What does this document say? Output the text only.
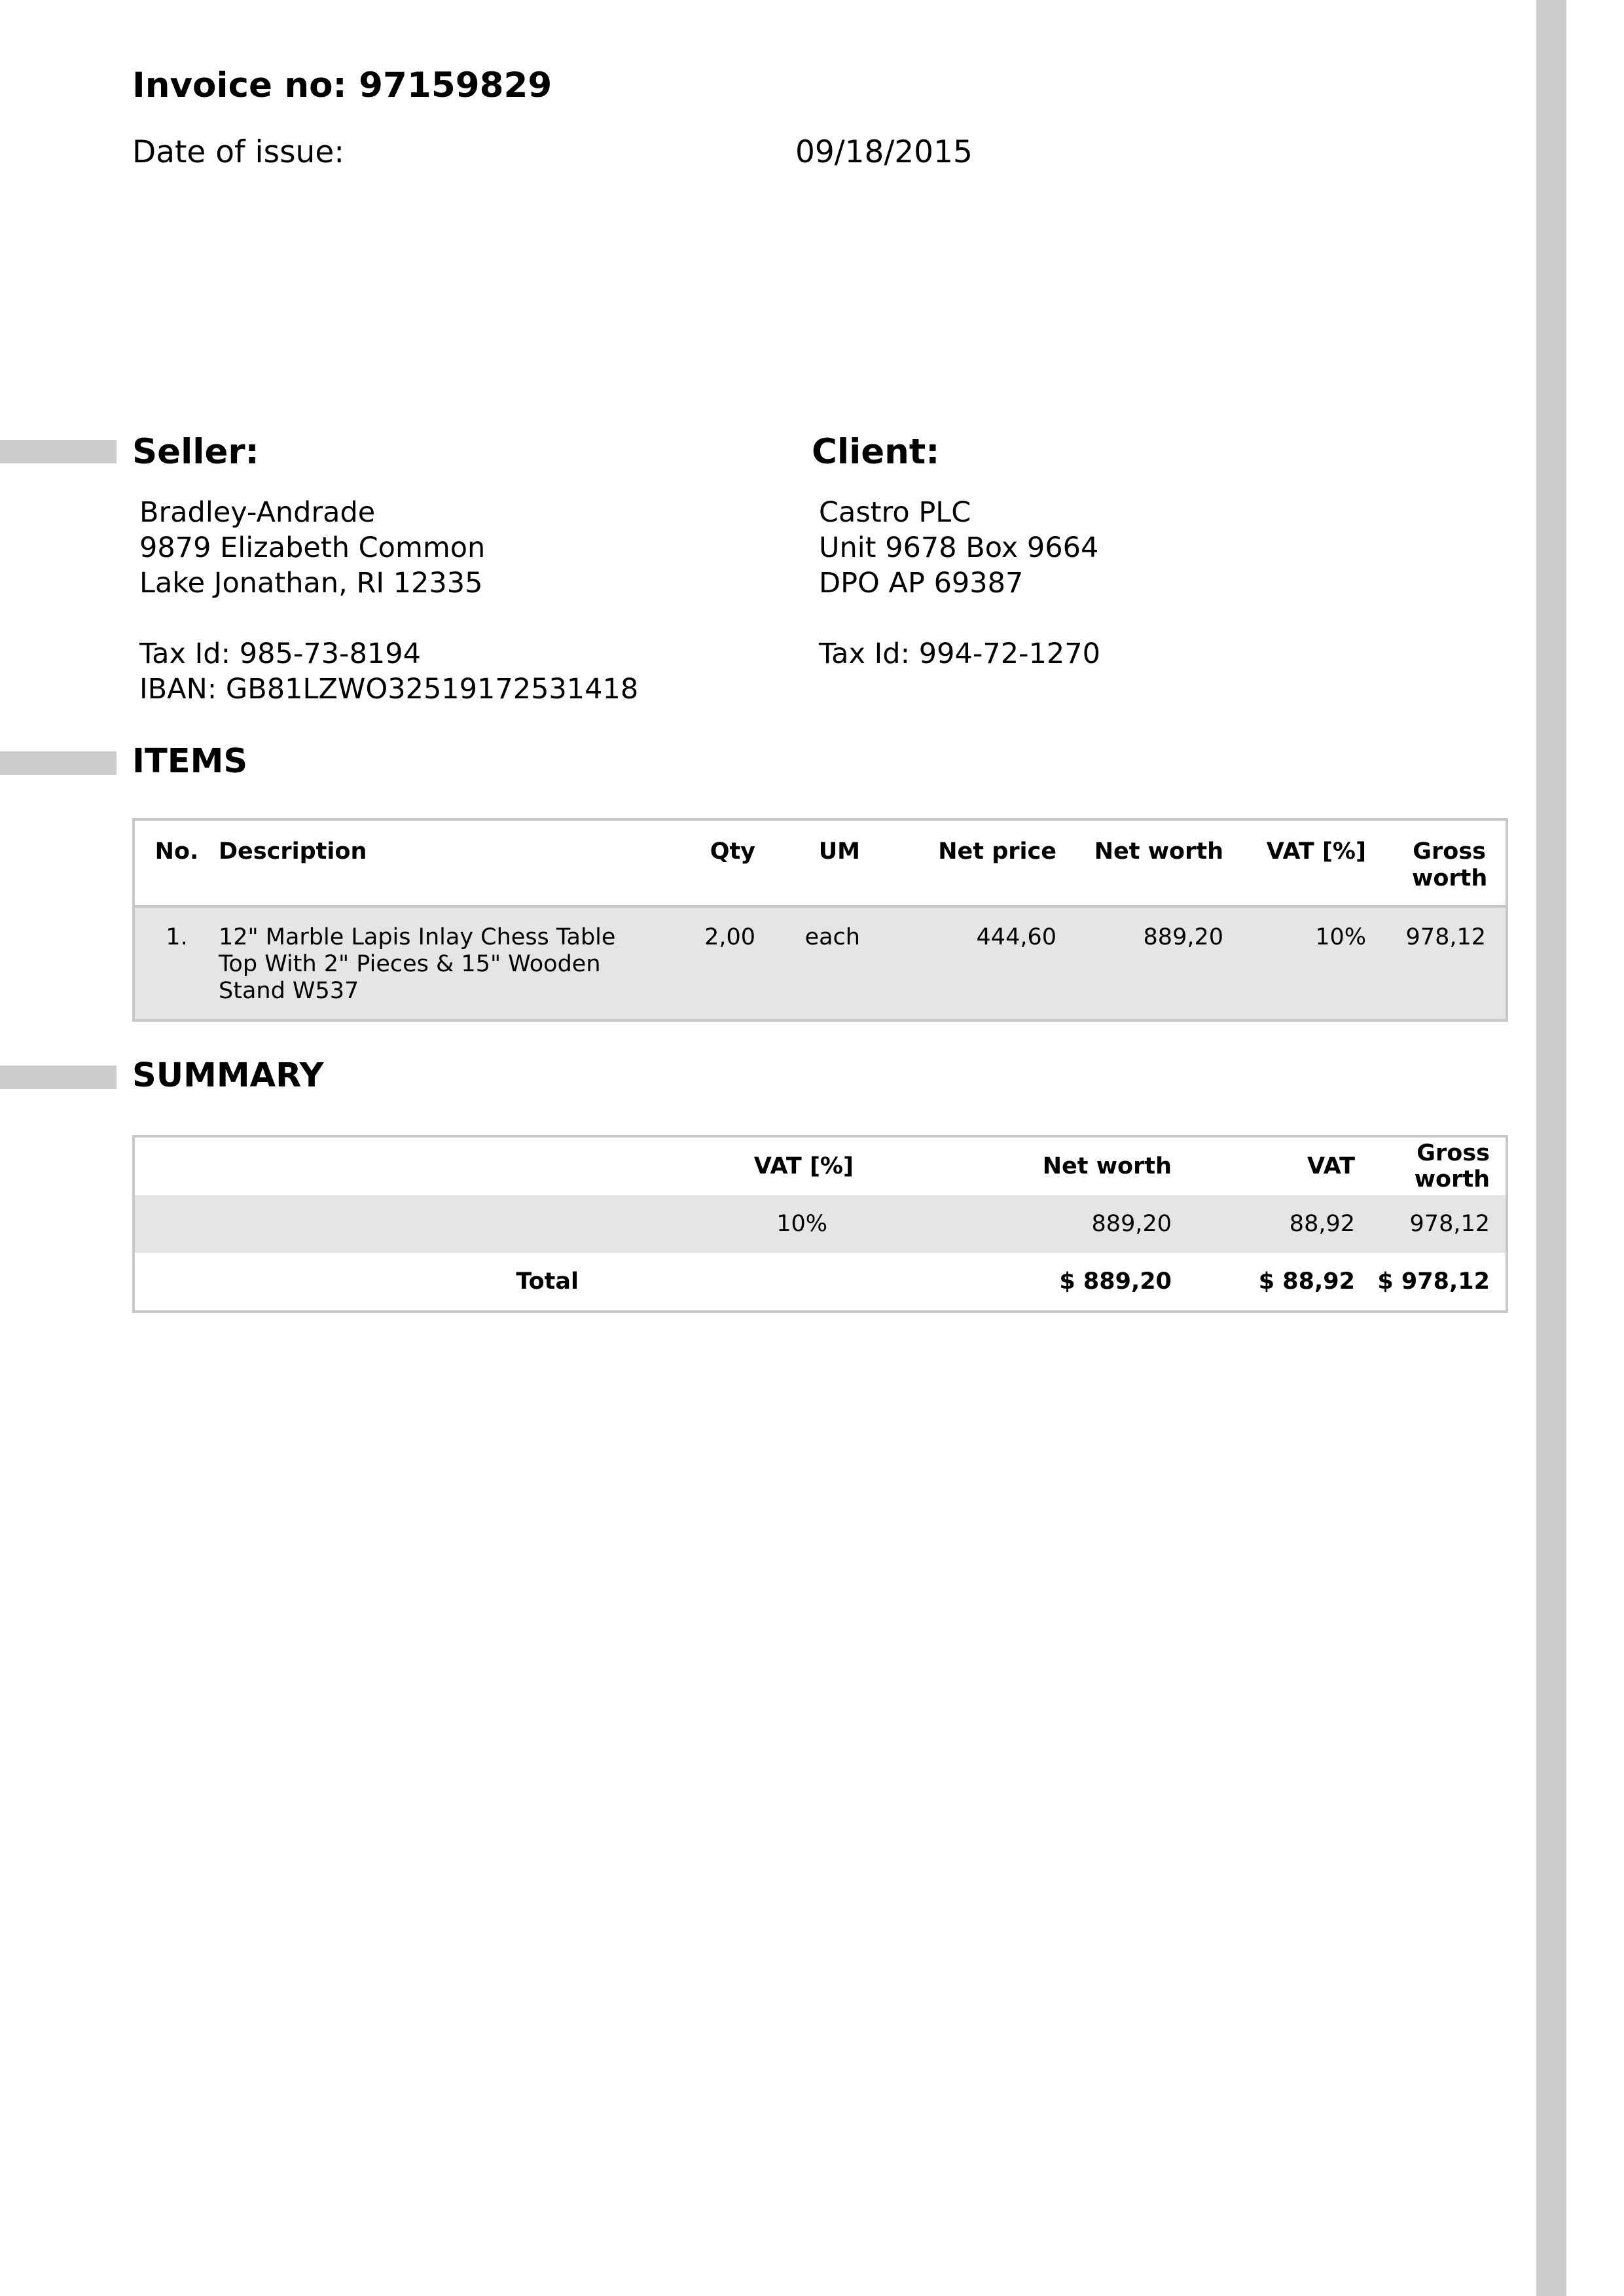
Invoice no: 97159829
Date of issue:	09/18/2015
Seller:
Bradley-Andrade
9879 Elizabeth Common
Lake Jonathan, RI 12335
Tax Id: 985-73-8194
IBAN: GB81LZWO32519172531418
Client:
Castro PLC
Unit 9678 Box 9664
DPO AP 69387
Tax Id: 994-72-1270
ITEMS
No.	Description	Qty	UM	Net price	Net worth	VAT [%]	Gross worth
1.	12" Marble Lapis Inlay Chess Table Top With 2" Pieces & 15" Wooden Stand W537	2,00	each	444,60	889,20	10%	978,12
SUMMARY
	VAT [%]	Net worth	VAT	Gross worth
	10%	889,20	88,92	978,12
Total		$ 889,20	$ 88,92	$ 978,12
